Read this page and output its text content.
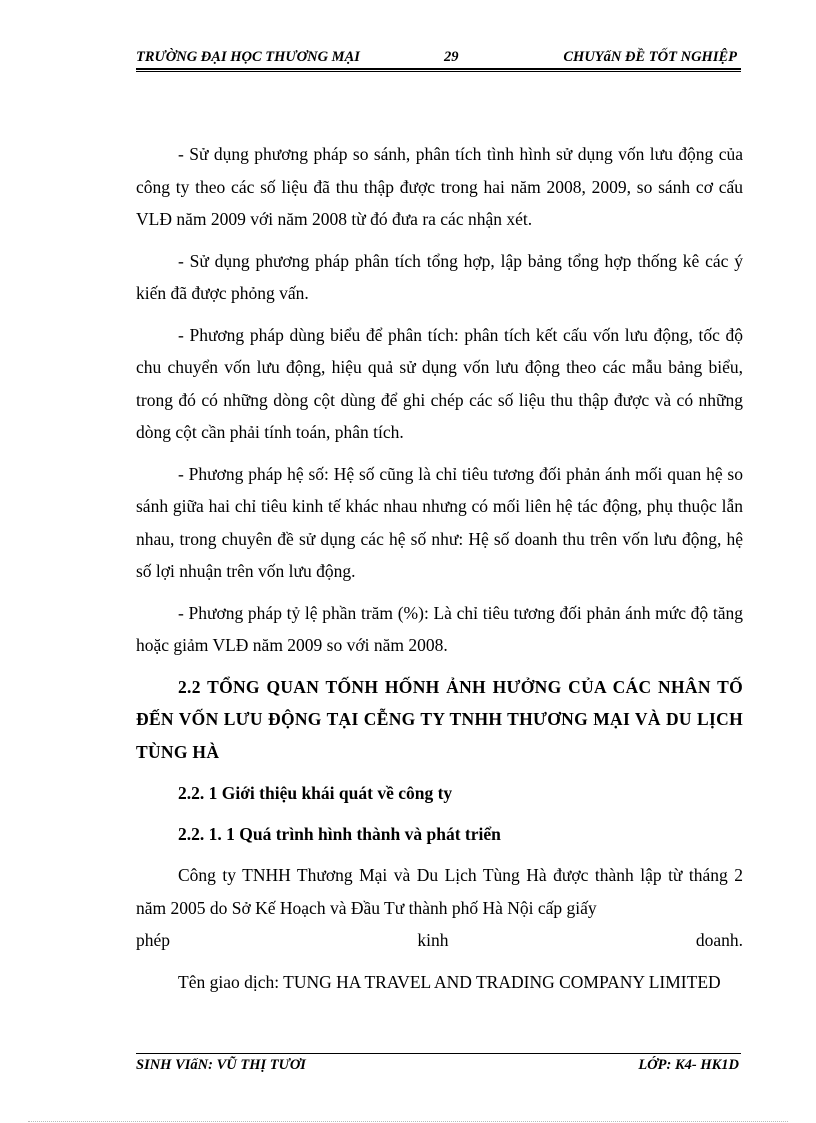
TRƯỜNG ĐẠI HỌC THƯƠNG MẠI	29	CHUYấN ĐỀ TỐT NGHIỆP

- Sử dụng phương pháp so sánh, phân tích tình hình sử dụng vốn lưu động của công ty theo các số liệu đã thu thập được trong hai năm 2008, 2009, so sánh cơ cấu VLĐ năm 2009 với năm 2008 từ đó đưa ra các nhận xét.

- Sử dụng phương pháp phân tích tổng hợp, lập bảng tổng hợp thống kê các ý kiến đã được phỏng vấn.

- Phương pháp dùng biểu để phân tích: phân tích kết cấu vốn lưu động, tốc độ chu chuyển vốn lưu động, hiệu quả sử dụng vốn lưu động theo các mẫu bảng biểu, trong đó có những dòng cột dùng để ghi chép các số liệu thu thập được và có những dòng cột cần phải tính toán, phân tích.

- Phương pháp hệ số: Hệ số cũng là chỉ tiêu tương đối phản ánh mối quan hệ so sánh giữa hai chỉ tiêu kinh tế khác nhau nhưng có mối liên hệ tác động, phụ thuộc lẫn nhau, trong chuyên đề sử dụng các hệ số như: Hệ số doanh thu trên vốn lưu động, hệ số lợi nhuận trên vốn lưu động.

- Phương pháp tỷ lệ phần trăm (%): Là chỉ tiêu tương đối phản ánh mức độ tăng hoặc giảm VLĐ năm 2009 so với năm 2008.

2.2 TỔNG QUAN TỐNH HỐNH ẢNH HƯỞNG CỦA CÁC NHÂN TỐ ĐẾN VỐN LƯU ĐỘNG TẠI CỄNG TY TNHH THƯƠNG MẠI VÀ DU LỊCH TÙNG HÀ

2.2. 1 Giới thiệu khái quát về công ty

2.2. 1. 1 Quá trình hình thành và phát triển

Công ty TNHH Thương Mại và Du Lịch Tùng Hà được thành lập từ tháng 2 năm 2005 do Sở Kế Hoạch và Đầu Tư thành phố Hà Nội cấp giấy

phép kinh doanh.

Tên giao dịch: TUNG HA TRAVEL AND TRADING COMPANY LIMITED

SINH VIấN: VŨ THỊ TƯƠI	LỚP: K4- HK1D
